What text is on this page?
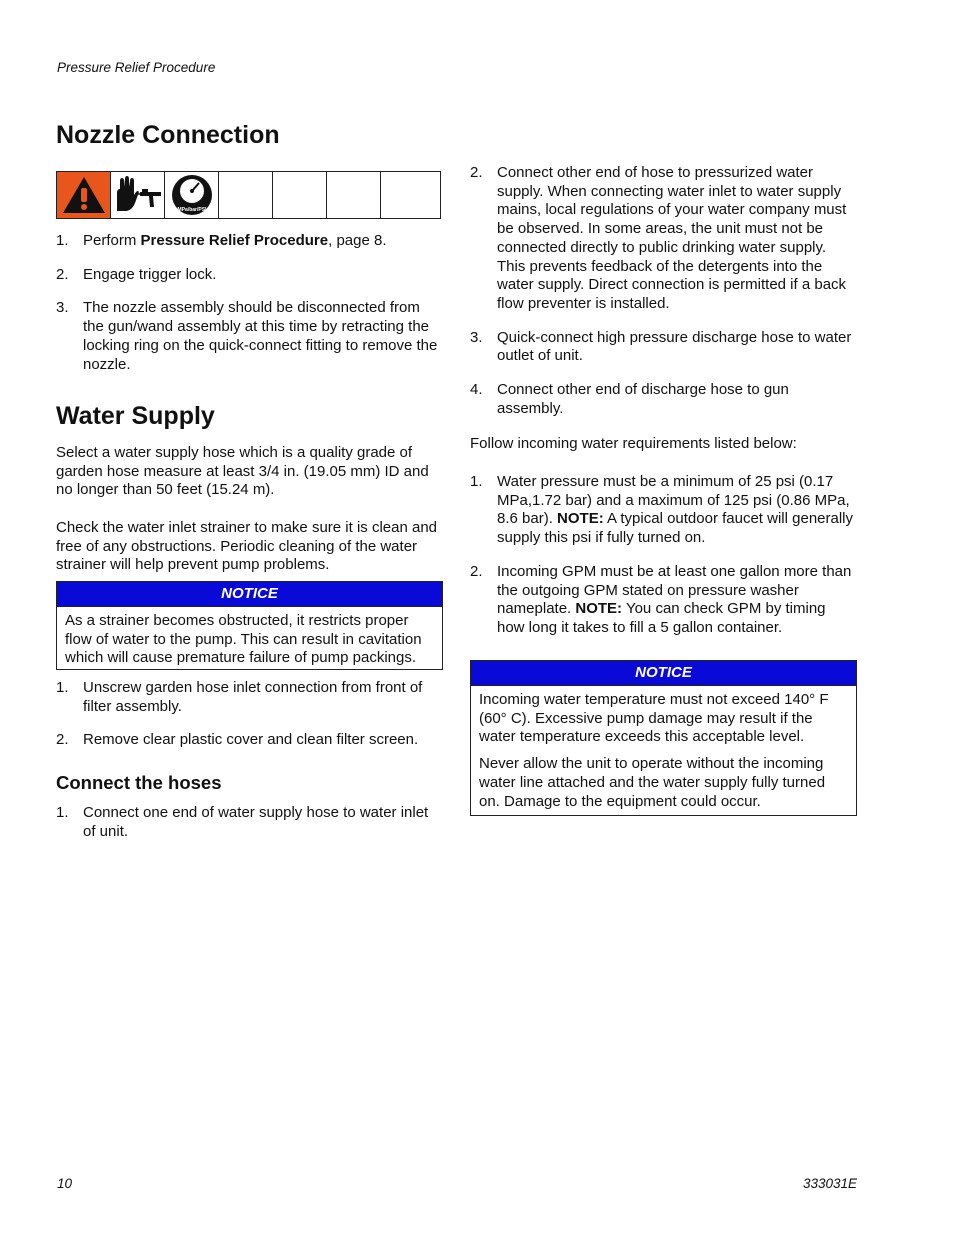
Pressure Relief Procedure
Nozzle Connection
MPa/bar/PSI
1. Perform Pressure Relief Procedure, page 8.
2. Engage trigger lock.
3. The nozzle assembly should be disconnected from the gun/wand assembly at this time by retracting the locking ring on the quick-connect fitting to remove the nozzle.
Water Supply

Select a water supply hose which is a quality grade of garden hose measure at least 3/4 in. (19.05 mm) ID and no longer than 50 feet (15.24 m).

Check the water inlet strainer to make sure it is clean and free of any obstructions. Periodic cleaning of the water strainer will help prevent pump problems.

NOTICE

As a strainer becomes obstructed, it restricts proper flow of water to the pump. This can result in cavitation which will cause premature failure of pump packings.

1. Unscrew garden hose inlet connection from front of filter assembly.
2. Remove clear plastic cover and clean filter screen.
Connect the hoses
1. Connect one end of water supply hose to water inlet of unit.
2. Connect other end of hose to pressurized water supply. When connecting water inlet to water supply mains, local regulations of your water company must be observed. In some areas, the unit must not be connected directly to public drinking water supply. This prevents feedback of the detergents into the water supply. Direct connection is permitted if a back flow preventer is installed.
3. Quick-connect high pressure discharge hose to water outlet of unit.
4. Connect other end of discharge hose to gun assembly.

Follow incoming water requirements listed below:

1. Water pressure must be a minimum of 25 psi (0.17 MPa,1.72 bar) and a maximum of 125 psi (0.86 MPa, 8.6 bar). NOTE: A typical outdoor faucet will generally supply this psi if fully turned on.
2. Incoming GPM must be at least one gallon more than the outgoing GPM stated on pressure washer nameplate. NOTE: You can check GPM by timing how long it takes to fill a 5 gallon container.
NOTICE

Incoming water temperature must not exceed 140° F (60° C). Excessive pump damage may result if the water temperature exceeds this acceptable level.

Never allow the unit to operate without the incoming water line attached and the water supply fully turned on. Damage to the equipment could occur.

10	333031E
